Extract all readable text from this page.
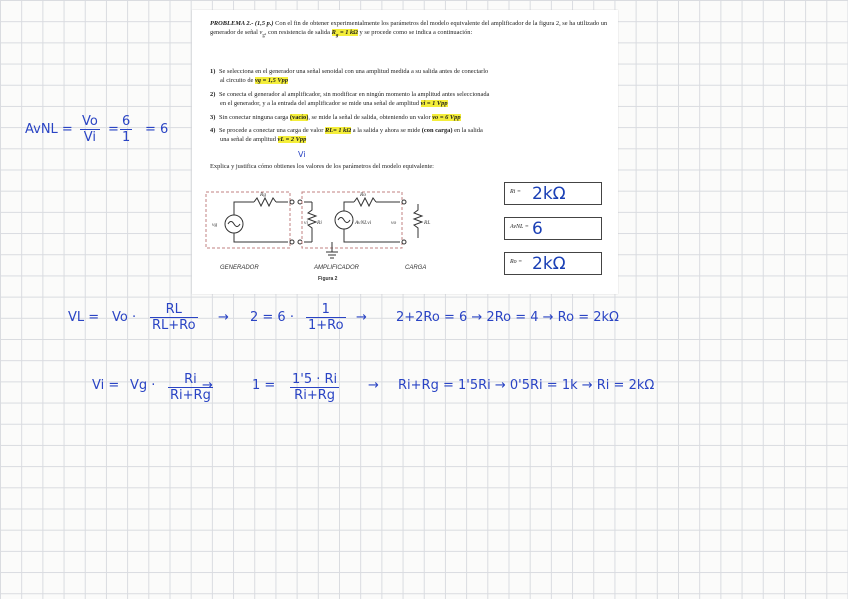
PROBLEMA 2.- (1,5 p.) Con el fin de obtener experimentalmente los parámetros del modelo equivalente del amplificador de la figura 2, se ha utilizado un generador de señal $v_g$, con resistencia de salida $R_g = 1$ kΩ y se procede como se indica a continuación:
1) Se selecciona en el generador una señal senoidal con una amplitud medida a su salida antes de conectarlo
al circuito de vg = 1,5 Vpp
2) Se conecta el generador al amplificador, sin modificar en ningún momento la amplitud antes seleccionada
en el generador, y a la entrada del amplificador se mide una señal de amplitud vi = 1 Vpp
3) Sin conectar ninguna carga (vacío), se mide la señal de salida, obteniendo un valor vo = 6 Vpp
4) Se procede a conectar una carga de valor RL= 1 kΩ a la salida y ahora se mide (con carga) en la salida
una señal de amplitud vL = 2 Vpp
Explica y justifica cómo obtienes los valores de los parámetros del modelo equivalente:
vg
Rg
Ri
vi
Ro
AvNLvi	vo	RL
GENERADOR	AMPLIFICADOR	CARGA
Figura 2
Ri = 2kΩ
AvNL = 6
Ro = 2kΩ
AvNL = $\frac{Vo}{Vi} = \frac{6}{1} = 6$
Vi
VL = $Vo \cdot \frac{RL}{RL+Ro} \to 2 = 6 \cdot \frac{1}{1+Ro} \to 2+2Ro = 6 \to 2Ro = 4 \to Ro = 2k\Omega$
$Vi = Vg \cdot \frac{Ri}{Ri+Rg}$
→	$1 = \frac{1'5 \cdot Ri}{Ri+Rg} \to Ri+Rg = 1'5Ri \to 0'5Ri = 1k \to Ri = 2k\Omega$
